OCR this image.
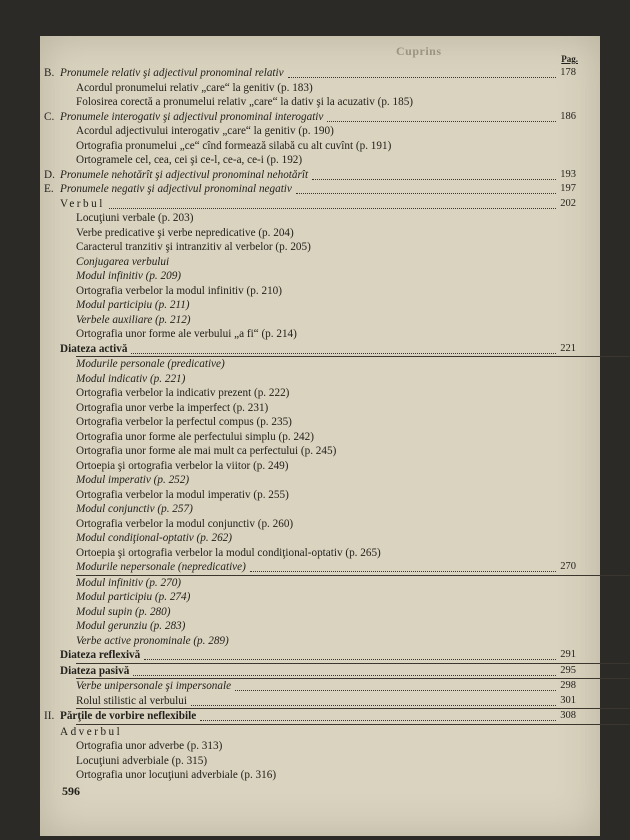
Cuprins
Pag.
B. Pronumele relativ şi adjectivul pronominal relativ	178
Acordul pronumelui relativ „care“ la genitiv (p. 183)
Folosirea corectă a pronumelui relativ „care“ la dativ şi la acuzativ (p. 185)
C. Pronumele interogativ şi adjectivul pronominal interogativ	186
Acordul adjectivului interogativ „care“ la genitiv (p. 190)
Ortografia pronumelui „ce“ cînd formează silabă cu alt cuvînt (p. 191)
Ortogramele cel, cea, cei şi ce-l, ce-a, ce-i (p. 192)
D. Pronumele nehotărît şi adjectivul pronominal nehotărît	193
E. Pronumele negativ şi adjectivul pronominal negativ	197
Verbul	202
Locuţiuni verbale (p. 203)
Verbe predicative şi verbe nepredicative (p. 204)
Caracterul tranzitiv şi intranzitiv al verbelor (p. 205)
Conjugarea verbului
Modul infinitiv (p. 209)
Ortografia verbelor la modul infinitiv (p. 210)
Modul participiu (p. 211)
Verbele auxiliare (p. 212)
Ortografia unor forme ale verbului „a fi“ (p. 214)
Diateza activă	221
Modurile personale (predicative)
Modul indicativ (p. 221)
Ortografia verbelor la indicativ prezent (p. 222)
Ortografia unor verbe la imperfect (p. 231)
Ortografia verbelor la perfectul compus (p. 235)
Ortografia unor forme ale perfectului simplu (p. 242)
Ortografia unor forme ale mai mult ca perfectului (p. 245)
Ortoepia şi ortografia verbelor la viitor (p. 249)
Modul imperativ (p. 252)
Ortografia verbelor la modul imperativ (p. 255)
Modul conjunctiv (p. 257)
Ortografia verbelor la modul conjunctiv (p. 260)
Modul condiţional-optativ (p. 262)
Ortoepia şi ortografia verbelor la modul condiţional-optativ (p. 265)
Modurile nepersonale (nepredicative)	270
Modul infinitiv (p. 270)
Modul participiu (p. 274)
Modul supin (p. 280)
Modul gerunziu (p. 283)
Verbe active pronominale (p. 289)
Diateza reflexivă	291
Diateza pasivă	295
Verbe unipersonale şi impersonale	298
Rolul stilistic al verbului	301
II. Părţile de vorbire neflexibile	308
Adverbul
Ortografia unor adverbe (p. 313)
Locuţiuni adverbiale (p. 315)
Ortografia unor locuţiuni adverbiale (p. 316)
596
